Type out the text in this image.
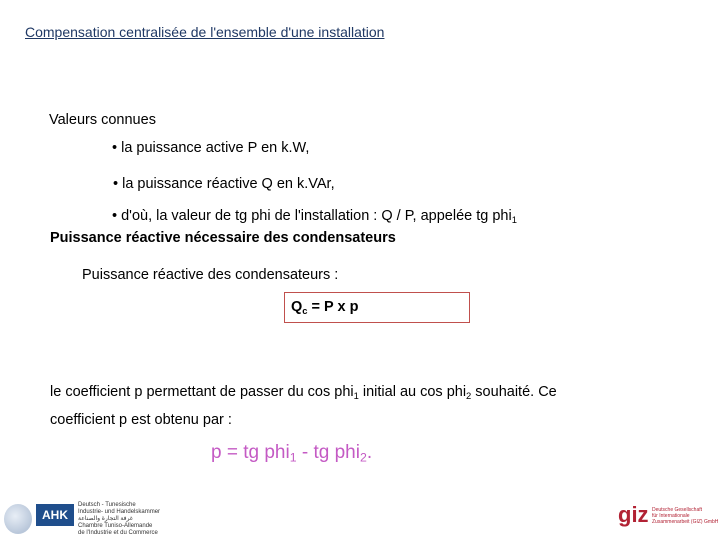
Compensation centralisée de l'ensemble d'une installation
Valeurs connues
• la puissance active P en k.W,
• la puissance réactive Q en k.VAr,
• d'où, la valeur de tg phi de l'installation : Q / P, appelée tg phi$_1$
Puissance réactive nécessaire des condensateurs
Puissance réactive des condensateurs :
$Q_c = P$ x p
le coefficient p permettant de passer du cos phi$_1$ initial au cos phi$_2$ souhaité. Ce
coefficient p est obtenu par :
p = tg phi$_1$ - tg phi$_2$.
AHK
Deutsch - Tunesische
Industrie- und Handelskammer
غرفة التجارة والصناعة
Chambre Tuniso-Allemande
de l'Industrie et du Commerce
giz Deutsche Gesellschaft
für Internationale
Zusammenarbeit (GIZ) GmbH
